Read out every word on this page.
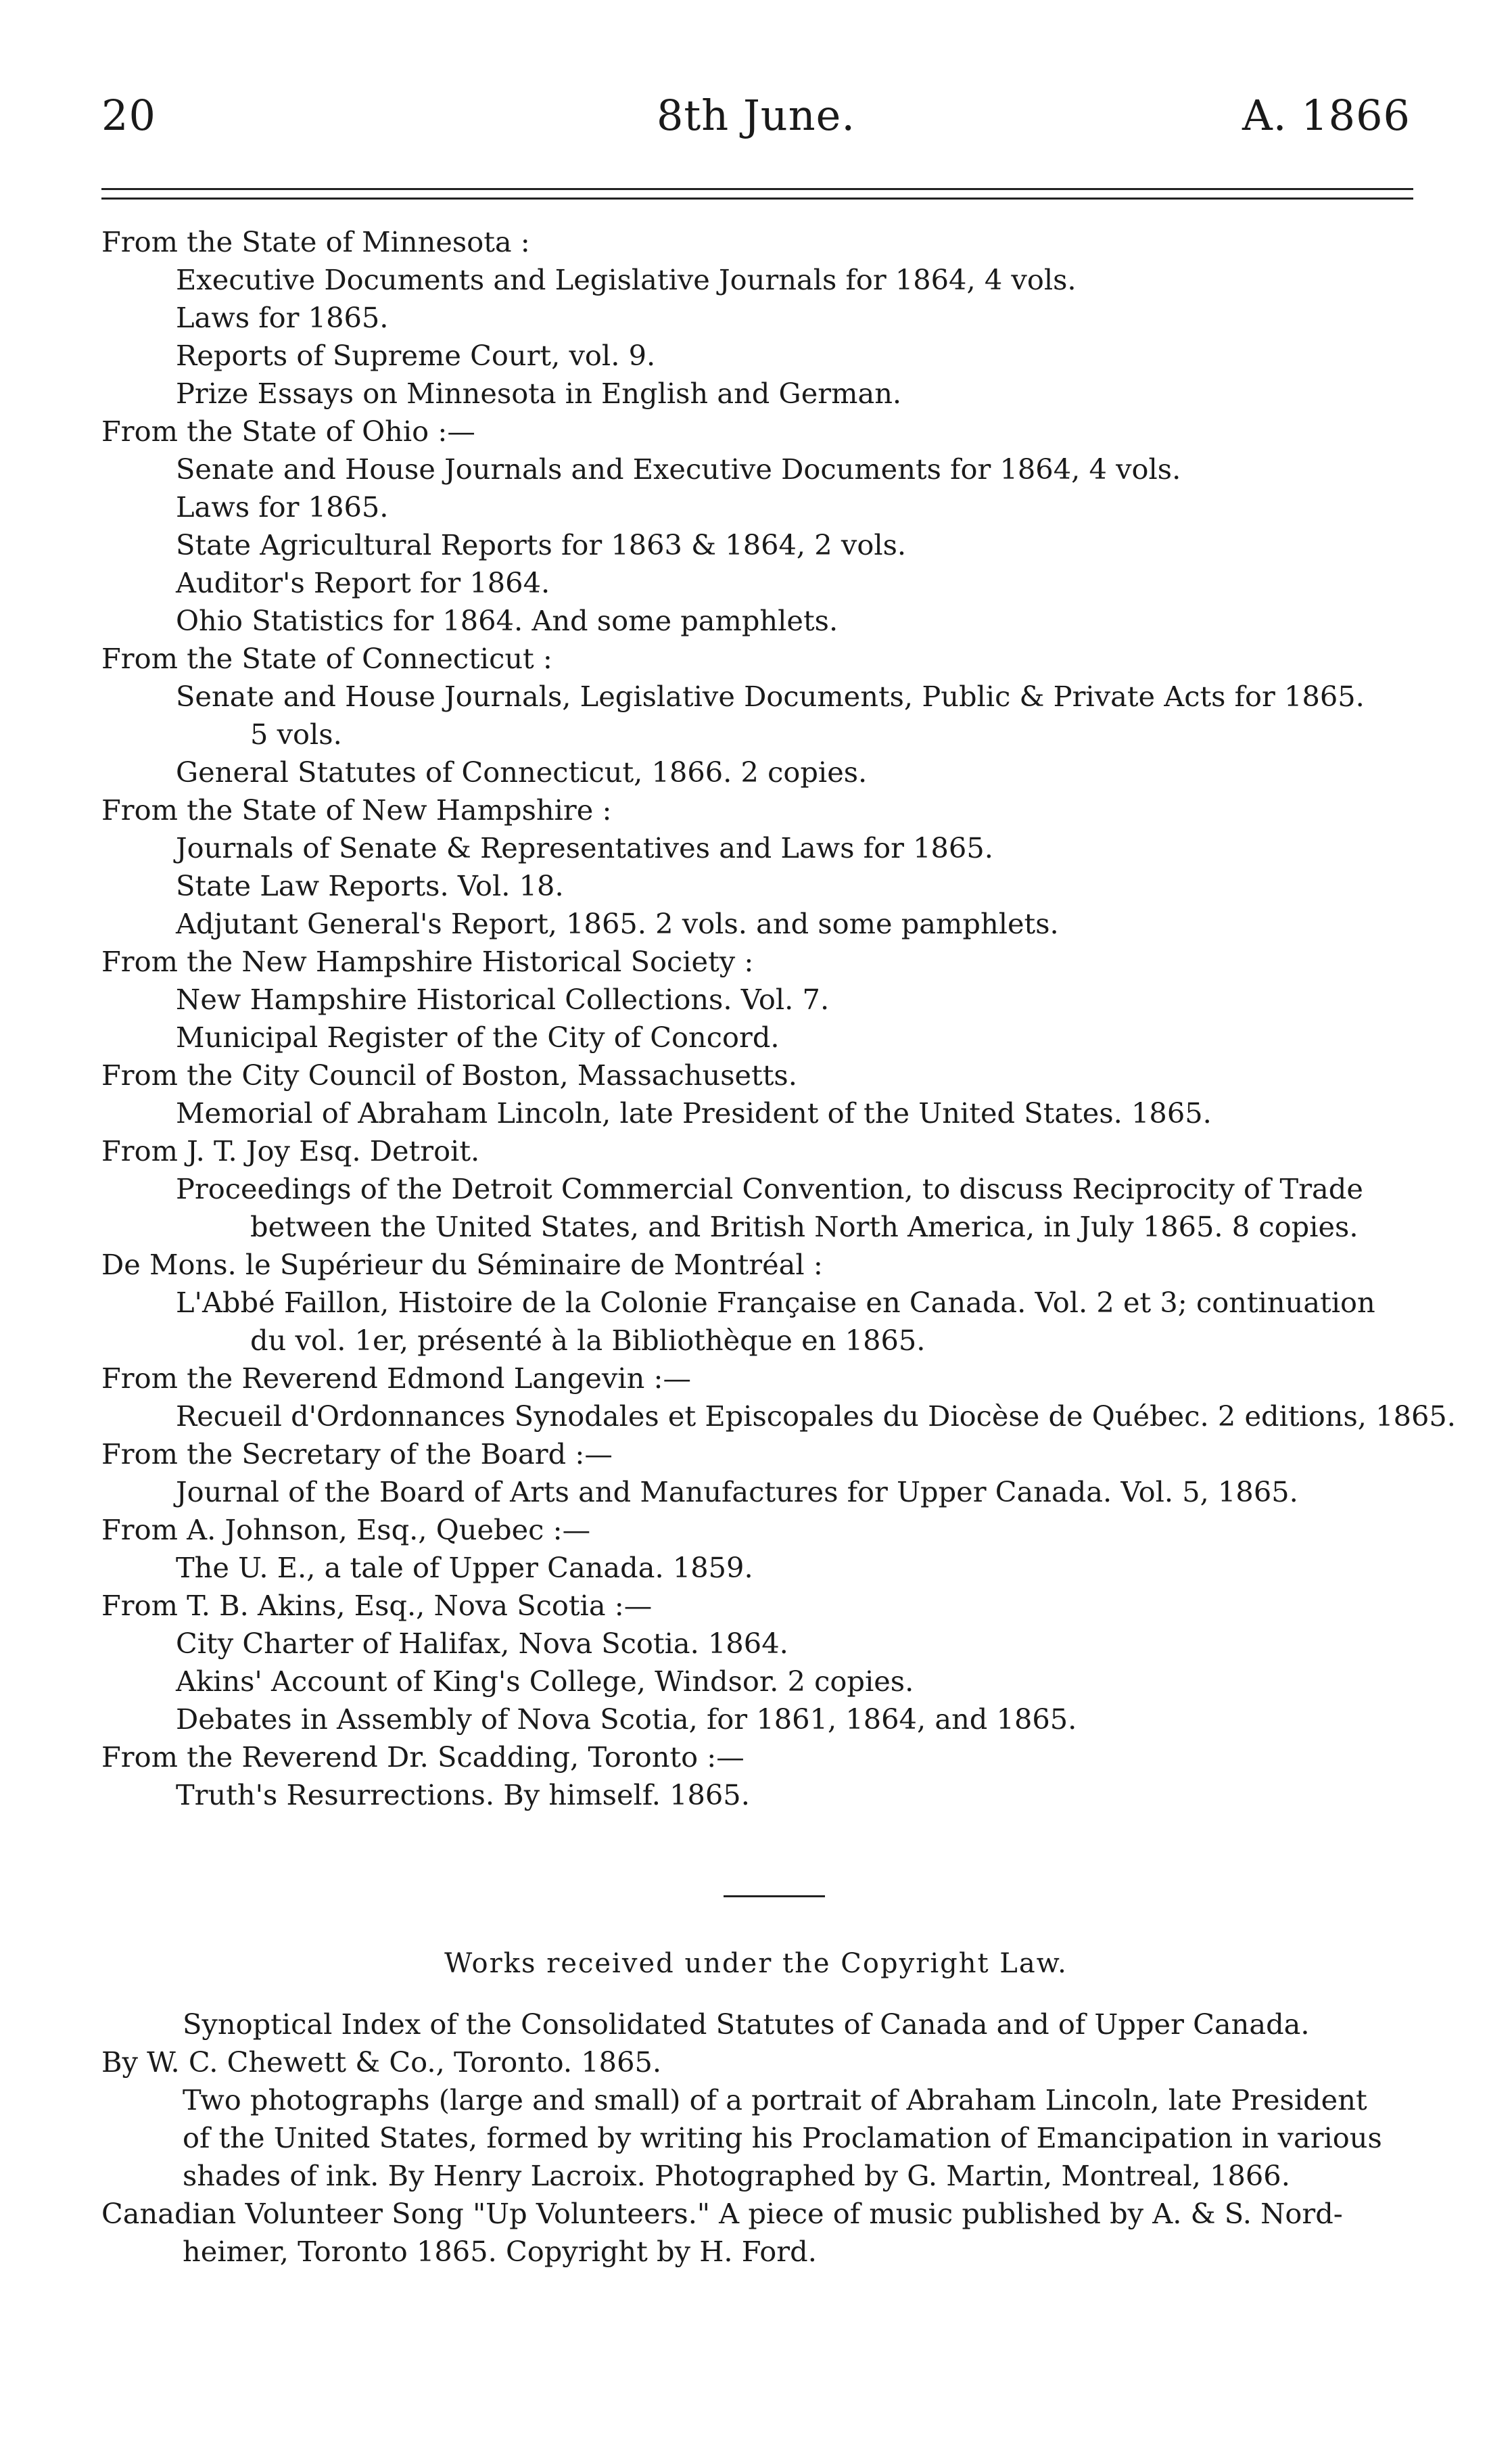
20	8th June.	A. 1866
From the State of Minnesota :
Executive Documents and Legislative Journals for 1864, 4 vols.
Laws for 1865.
Reports of Supreme Court, vol. 9.
Prize Essays on Minnesota in English and German.
From the State of Ohio :—
Senate and House Journals and Executive Documents for 1864, 4 vols.
Laws for 1865.
State Agricultural Reports for 1863 & 1864, 2 vols.
Auditor's Report for 1864.
Ohio Statistics for 1864. And some pamphlets.
From the State of Connecticut :
Senate and House Journals, Legislative Documents, Public & Private Acts for 1865.
5 vols.
General Statutes of Connecticut, 1866. 2 copies.
From the State of New Hampshire :
Journals of Senate & Representatives and Laws for 1865.
State Law Reports. Vol. 18.
Adjutant General's Report, 1865. 2 vols. and some pamphlets.
From the New Hampshire Historical Society :
New Hampshire Historical Collections. Vol. 7.
Municipal Register of the City of Concord.
From the City Council of Boston, Massachusetts.
Memorial of Abraham Lincoln, late President of the United States. 1865.
From J. T. Joy Esq. Detroit.
Proceedings of the Detroit Commercial Convention, to discuss Reciprocity of Trade
between the United States, and British North America, in July 1865. 8 copies.
De Mons. le Supérieur du Séminaire de Montréal :
L'Abbé Faillon, Histoire de la Colonie Française en Canada. Vol. 2 et 3; continuation
du vol. 1er, présenté à la Bibliothèque en 1865.
From the Reverend Edmond Langevin :—
Recueil d'Ordonnances Synodales et Episcopales du Diocèse de Québec. 2 editions, 1865.
From the Secretary of the Board :—
Journal of the Board of Arts and Manufactures for Upper Canada. Vol. 5, 1865.
From A. Johnson, Esq., Quebec :—
The U. E., a tale of Upper Canada. 1859.
From T. B. Akins, Esq., Nova Scotia :—
City Charter of Halifax, Nova Scotia. 1864.
Akins' Account of King's College, Windsor. 2 copies.
Debates in Assembly of Nova Scotia, for 1861, 1864, and 1865.
From the Reverend Dr. Scadding, Toronto :—
Truth's Resurrections. By himself. 1865.
Works received under the Copyright Law.
Synoptical Index of the Consolidated Statutes of Canada and of Upper Canada.
By W. C. Chewett & Co., Toronto. 1865.
Two photographs (large and small) of a portrait of Abraham Lincoln, late President
of the United States, formed by writing his Proclamation of Emancipation in various
shades of ink. By Henry Lacroix. Photographed by G. Martin, Montreal, 1866.
Canadian Volunteer Song "Up Volunteers." A piece of music published by A. & S. Nord-
heimer, Toronto 1865. Copyright by H. Ford.
